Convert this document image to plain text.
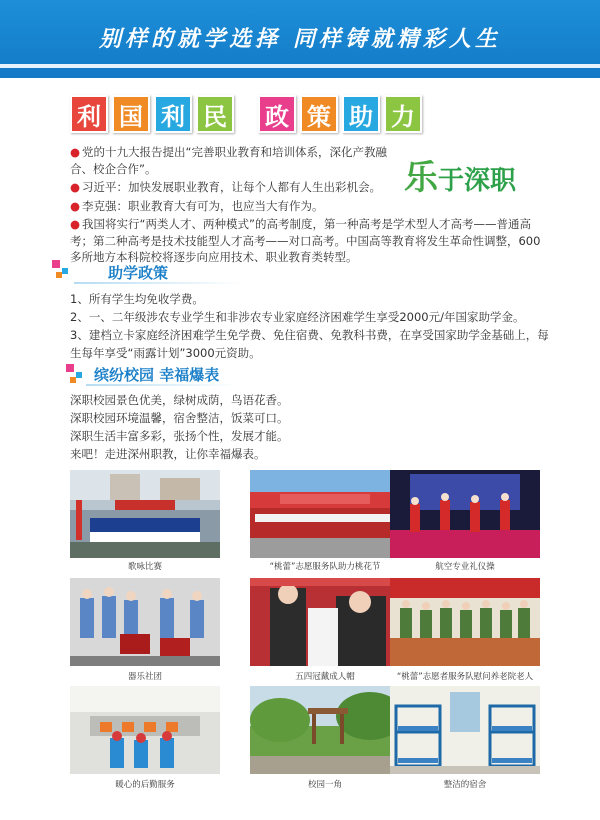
别样的就学选择 同样铸就精彩人生
利 国 利 民 政 策 助 力

● 党的十九大报告提出“完善职业教育和培训体系，深化产教融合、校企合作”。

● 习近平：加快发展职业教育，让每个人都有人生出彩机会。

● 李克强：职业教育大有可为，也应当大有作为。

● 我国将实行“两类人才、两种模式”的高考制度，第一种高考是学术型人才高考——普通高考；第二种高考是技术技能型人才高考——对口高考。中国高等教育将发生革命性调整，600多所地方本科院校将逐步向应用技术、职业教育类转型。

乐于深职
助学政策
1、所有学生均免收学费。
2、一、二年级涉农专业学生和非涉农专业家庭经济困难学生享受2000元/年国家助学金。
3、建档立卡家庭经济困难学生免学费、免住宿费、免教科书费，在享受国家助学金基础上，每生每年享受“雨露计划”3000元资助。
缤纷校园 幸福爆表
深职校园景色优美，绿树成荫，鸟语花香。
深职校园环境温馨，宿舍整洁，饭菜可口。
深职生活丰富多彩，张扬个性，发展才能。
来吧！走进深州职教，让你幸福爆表。
歌咏比赛	“桃蕾”志愿服务队助力桃花节	航空专业礼仪操
器乐社团	五四冠戴成人帽	“桃蕾”志愿者服务队慰问养老院老人
暖心的后勤服务	校园一角	整洁的宿舍
